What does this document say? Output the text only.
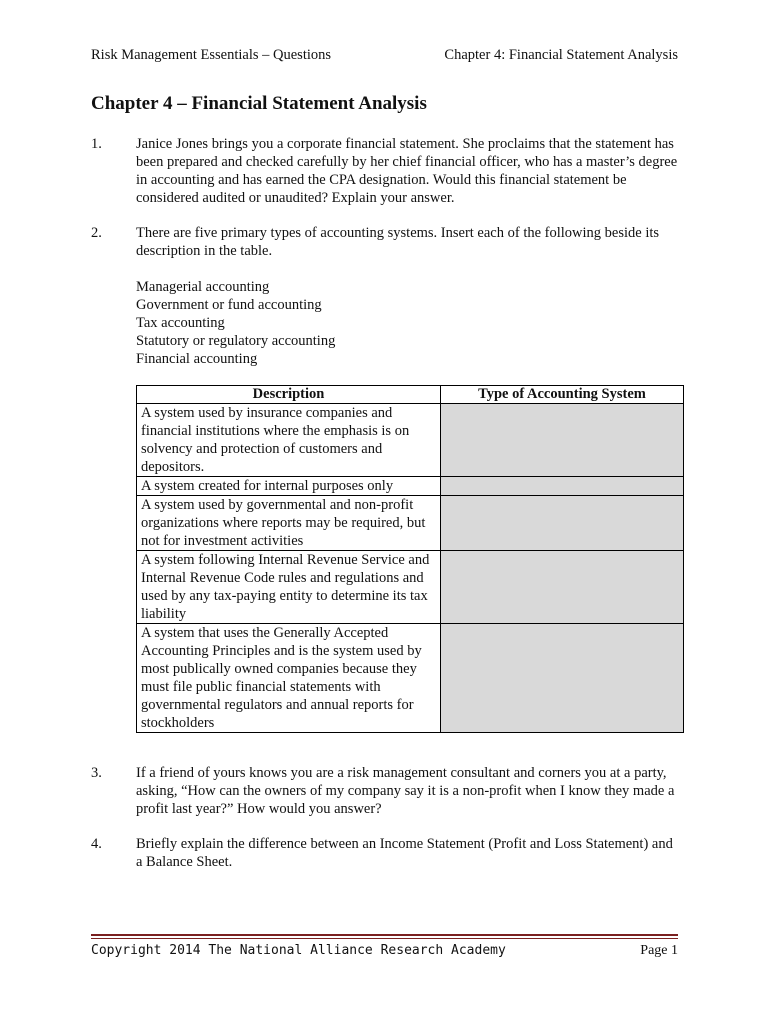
Risk Management Essentials – Questions	Chapter 4: Financial Statement Analysis
Chapter 4 – Financial Statement Analysis
1. Janice Jones brings you a corporate financial statement. She proclaims that the statement has been prepared and checked carefully by her chief financial officer, who has a master’s degree in accounting and has earned the CPA designation. Would this financial statement be considered audited or unaudited? Explain your answer.
2. There are five primary types of accounting systems. Insert each of the following beside its description in the table.
Managerial accounting
Government or fund accounting
Tax accounting
Statutory or regulatory accounting
Financial accounting
Description	Type of Accounting System
A system used by insurance companies and financial institutions where the emphasis is on solvency and protection of customers and depositors.	
A system created for internal purposes only	
A system used by governmental and non-profit organizations where reports may be required, but not for investment activities	
A system following Internal Revenue Service and Internal Revenue Code rules and regulations and used by any tax-paying entity to determine its tax liability	
A system that uses the Generally Accepted Accounting Principles and is the system used by most publically owned companies because they must file public financial statements with governmental regulators and annual reports for stockholders	
3. If a friend of yours knows you are a risk management consultant and corners you at a party, asking, “How can the owners of my company say it is a non-profit when I know they made a profit last year?” How would you answer?
4. Briefly explain the difference between an Income Statement (Profit and Loss Statement) and a Balance Sheet.
Copyright 2014 The National Alliance Research Academy	Page 1
